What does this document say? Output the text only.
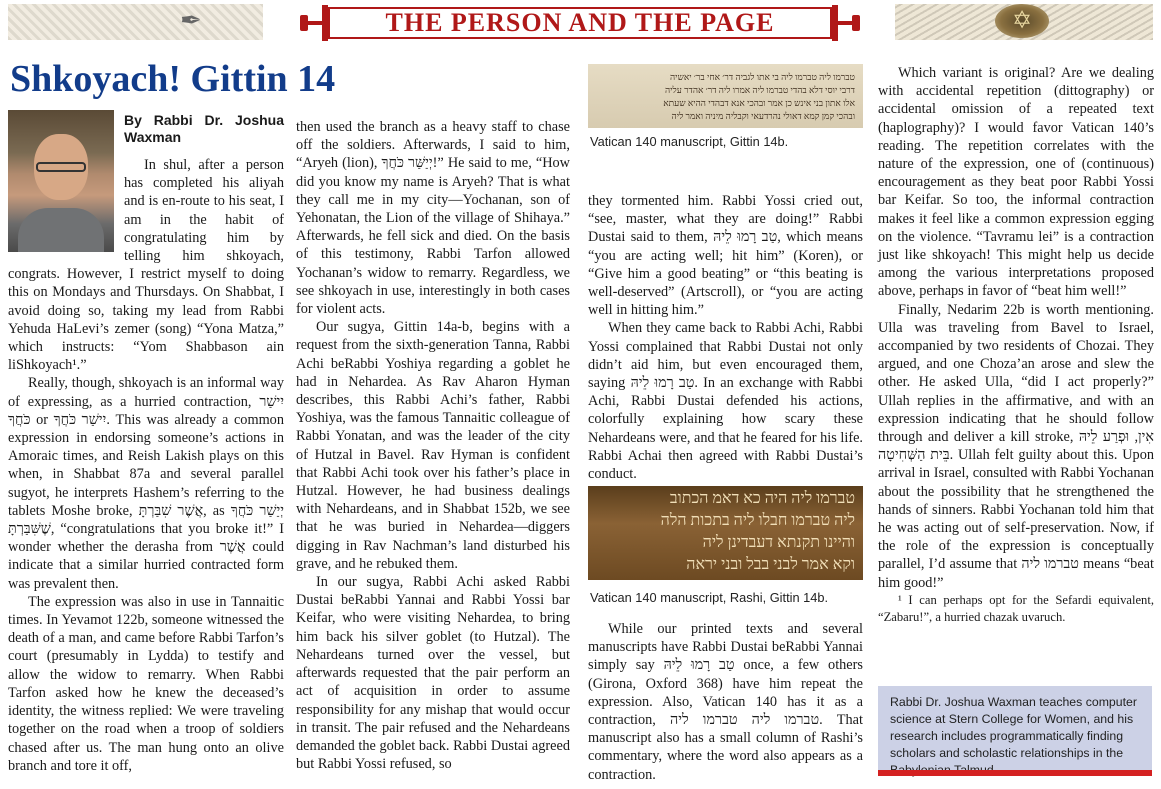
✒	✡
THE PERSON AND THE PAGE
Shkoyach! Gittin 14
By Rabbi Dr. Joshua Waxman

In shul, after a person has completed his aliyah and is en-route to his seat, I am in the habit of congratulating him by telling him shkoyach, congrats. However, I restrict myself to doing this on Mondays and Thursdays. On Shabbat, I avoid doing so, taking my lead from Rabbi Yehuda HaLevi’s zemer (song) “Yona Matza,” which instructs: “Yom Shabbason ain liShkoyach¹.”

Really, though, shkoyach is an informal way of expressing, as a hurried contraction, יִישַׁר כֹּחֲךָ or יִישַׁר כֹּחֲךָ. This was already a common expression in endorsing someone’s actions in Amoraic times, and Reish Lakish plays on this when, in Shabbat 87a and several parallel sugyot, he interprets Hashem’s referring to the tablets Moshe broke, אֲשֶׁר שִׁבַּרְתָּ, as יְיַשַׁר כֹּחֲךָ שֶׁשִּׁבַּרְתָּ, “congratulations that you broke it!” I wonder whether the derasha from אֲשֶׁר could indicate that a similar hurried contracted form was prevalent then.

The expression was also in use in Tannaitic times. In Yevamot 122b, someone witnessed the death of a man, and came before Rabbi Tarfon’s court (presumably in Lydda) to testify and allow the widow to remarry. When Rabbi Tarfon asked how he knew the deceased’s identity, the witness replied: We were traveling together on the road when a troop of soldiers chased after us. The man hung onto an olive branch and tore it off,

then used the branch as a heavy staff to chase off the soldiers. Afterwards, I said to him, “Aryeh (lion), יְיַשַּׁר כֹּחֲךָ!” He said to me, “How did you know my name is Aryeh? That is what they call me in my city—Yochanan, son of Yehonatan, the Lion of the village of Shihaya.” Afterwards, he fell sick and died. On the basis of this testimony, Rabbi Tarfon allowed Yochanan’s widow to remarry. Regardless, we see shkoyach in use, interestingly in both cases for violent acts.

Our sugya, Gittin 14a-b, begins with a request from the sixth-generation Tanna, Rabbi Achi beRabbi Yoshiya regarding a goblet he had in Nehardea. As Rav Aharon Hyman describes, this Rabbi Achi’s father, Rabbi Yoshiya, was the famous Tannaitic colleague of Rabbi Yonatan, and was the leader of the city of Hutzal in Bavel. Rav Hyman is confident that Rabbi Achi took over his father’s place in Hutzal. However, he had business dealings with Nehardeans, and in Shabbat 152b, we see that he was buried in Nehardea—diggers digging in Rav Nachman’s land disturbed his grave, and he rebuked them.

In our sugya, Rabbi Achi asked Rabbi Dustai beRabbi Yannai and Rabbi Yossi bar Keifar, who were visiting Nehardea, to bring him back his silver goblet (to Hutzal). The Nehardeans turned over the vessel, but afterwards requested that the pair perform an act of acquisition in order to assume responsibility for any mishap that would occur in transit. The pair refused and the Nehardeans demanded the goblet back. Rabbi Dustai agreed but Rabbi Yossi refused, so

טברמו ליה טברמו ליה בי אתו לגביה דר׳ אחי בר׳ יאשיה
דרבי יוסי דלא בהדי טברמו ליה אמרו ליה דר׳ אהדר עליה
אלו אתון בני אינש כן אמר ובהכי אנא דבהדי ההיא שעתא
ובהכי קמן קמא דאולי נהרדעאי וקבליה מיניה ואמר ליה
Vatican 140 manuscript, Gittin 14b.

they tormented him. Rabbi Yossi cried out, “see, master, what they are doing!” Rabbi Dustai said to them, טַב רָמוּ לֵיהּ, which means “you are acting well; hit him” (Koren), or “Give him a good beating” or “this beating is well-deserved” (Artscroll), or “you are acting well in hitting him.”

When they came back to Rabbi Achi, Rabbi Yossi complained that Rabbi Dustai not only didn’t aid him, but even encouraged them, saying טַב רָמוּ לֵיהּ. In an exchange with Rabbi Achi, Rabbi Dustai defended his actions, colorfully explaining how scary these Nehardeans were, and that he feared for his life. Rabbi Achai then agreed with Rabbi Dustai’s conduct.

טברמו ליה היה כא דאמ הכתוב
ליה טברמו חבלו ליה בתכות הלה
והיינו תקנתא דעבדינן ליה
וקא אמר לבני בבל ובני יראה
Vatican 140 manuscript, Rashi, Gittin 14b.

While our printed texts and several manuscripts have Rabbi Dustai beRabbi Yannai simply say טַב רָמוּ לֵיהּ once, a few others (Girona, Oxford 368) have him repeat the expression. Also, Vatican 140 has it as a contraction, טברמו ליה טברמו ליה. That manuscript also has a small column of Rashi’s commentary, where the word also appears as a contraction.

Which variant is original? Are we dealing with accidental repetition (dittography) or accidental omission of a repeated text (haplography)? I would favor Vatican 140’s reading. The repetition correlates with the nature of the expression, one of (continuous) encouragement as they beat poor Rabbi Yossi bar Keifar. So too, the informal contraction makes it feel like a common expression egging on the violence. “Tavramu lei” is a contraction just like shkoyach! This might help us decide among the various interpretations proposed above, perhaps in favor of “beat him well!”

Finally, Nedarim 22b is worth mentioning. Ulla was traveling from Bavel to Israel, accompanied by two residents of Chozai. They argued, and one Choza’an arose and slew the other. He asked Ulla, “did I act properly?” Ullah replies in the affirmative, and with an expression indicating that he should follow through and deliver a kill stroke, אִין, וּפְרַע לֵיהּ בֵּית הַשְּׁחִיטָה. Ullah felt guilty about this. Upon arrival in Israel, consulted with Rabbi Yochanan about the possibility that he strengthened the hands of sinners. Rabbi Yochanan told him that he was acting out of self-preservation. Now, if the role of the expression is conceptually parallel, I’d assume that טברמו ליה means “beat him good!”

¹ I can perhaps opt for the Sefardi equivalent, “Zabaru!”, a hurried chazak uvaruch.

Rabbi Dr. Joshua Waxman teaches computer science at Stern College for Women, and his research includes programmatically finding scholars and scholastic relationships in the
